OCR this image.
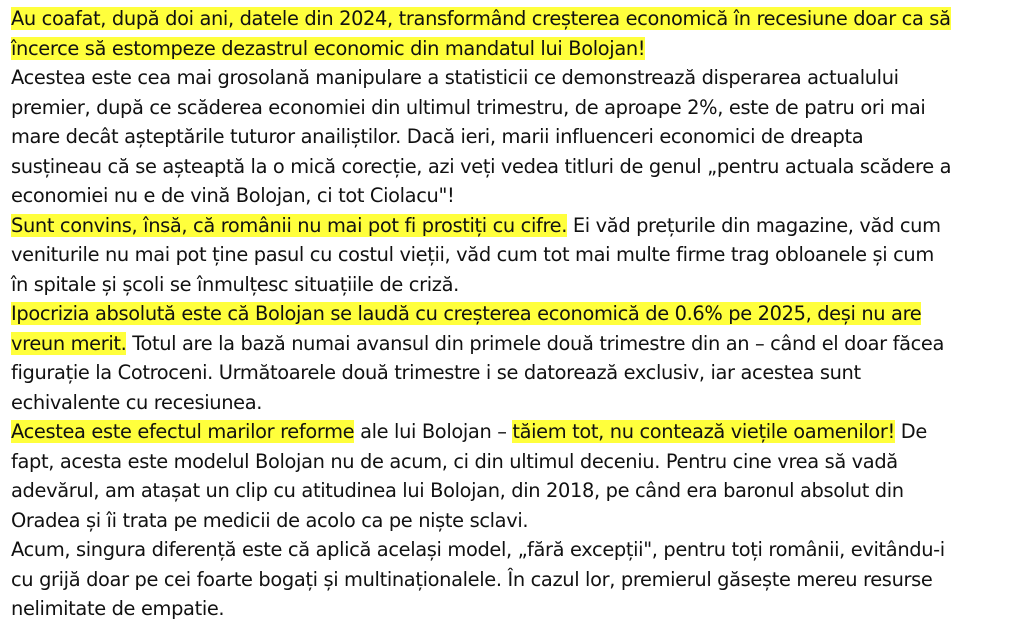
Au coafat, după doi ani, datele din 2024, transformând creșterea economică în recesiune doar ca să
încerce să estompeze dezastrul economic din mandatul lui Bolojan!
Acestea este cea mai grosolană manipulare a statisticii ce demonstrează disperarea actualului
premier, după ce scăderea economiei din ultimul trimestru, de aproape 2%, este de patru ori mai
mare decât așteptările tuturor anailiștilor. Dacă ieri, marii influenceri economici de dreapta
susțineau că se așteaptă la o mică corecție, azi veți vedea titluri de genul „pentru actuala scădere a
economiei nu e de vină Bolojan, ci tot Ciolacu"!
Sunt convins, însă, că românii nu mai pot fi prostiți cu cifre. Ei văd prețurile din magazine, văd cum
veniturile nu mai pot ține pasul cu costul vieții, văd cum tot mai multe firme trag obloanele și cum
în spitale și școli se înmulțesc situațiile de criză.
Ipocrizia absolută este că Bolojan se laudă cu creșterea economică de 0.6% pe 2025, deși nu are
vreun merit. Totul are la bază numai avansul din primele două trimestre din an – când el doar făcea
figurație la Cotroceni. Următoarele două trimestre i se datorează exclusiv, iar acestea sunt
echivalente cu recesiunea.
Acestea este efectul marilor reforme ale lui Bolojan – tăiem tot, nu contează viețile oamenilor! De
fapt, acesta este modelul Bolojan nu de acum, ci din ultimul deceniu. Pentru cine vrea să vadă
adevărul, am atașat un clip cu atitudinea lui Bolojan, din 2018, pe când era baronul absolut din
Oradea și îi trata pe medicii de acolo ca pe niște sclavi.
Acum, singura diferență este că aplică același model, „fără excepții", pentru toți românii, evitându-i
cu grijă doar pe cei foarte bogați și multinaționalele. În cazul lor, premierul găsește mereu resurse
nelimitate de empatie.
